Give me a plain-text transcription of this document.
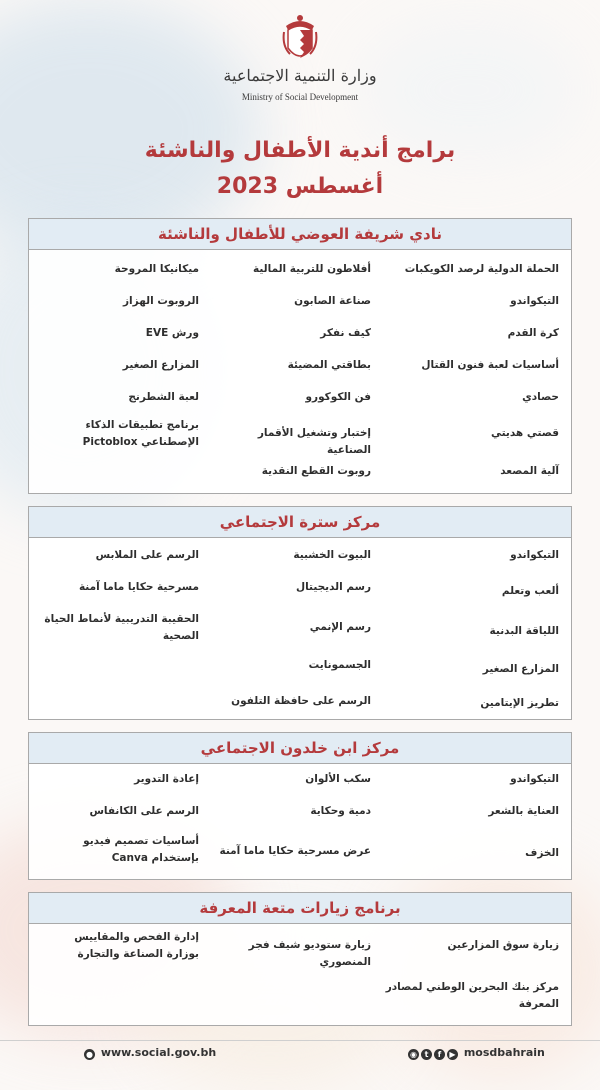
وزارة التنمية الاجتماعية
Ministry of Social Development
برامج أندية الأطفال والناشئة
أغسطس 2023
نادي شريفة العوضي للأطفال والناشئة
الحملة الدولية لرصد الكويكبات
التيكواندو
كرة القدم
أساسيات لعبة فنون القتال
حصادي
قصتي هديتي
آلية المصعد
أفلاطون للتربية المالية
صناعة الصابون
كيف نفكر
بطاقتي المضيئة
فن الكوكورو
إختبار وتشغيل الأقمار الصناعية
روبوت القطع النقدية
ميكانيكا المروحة
الروبوت الهزاز
ورش EVE
المزارع الصغير
لعبة الشطرنج
برنامج تطبيقات الذكاء الإصطناعي Pictoblox
مركز سترة الاجتماعي
التيكواندو
ألعب وتعلم
اللياقة البدنية
المزارع الصغير
تطريز الإيتامين
البيوت الخشبية
رسم الديجيتال
رسم الإنمي
الجسمونايت
الرسم على حافظة التلفون
الرسم على الملابس
مسرحية حكايا ماما آمنة
الحقيبة التدريبية لأنماط الحياة الصحية
مركز ابن خلدون الاجتماعي
التيكواندو
العناية بالشعر
الخزف
سكب الألوان
دمية وحكاية
عرض مسرحية حكايا ماما آمنة
إعادة التدوير
الرسم على الكانفاس
أساسيات تصميم فيديو بإستخدام Canva
برنامج زيارات متعة المعرفة
زيارة سوق المزارعين
مركز بنك البحرين الوطني لمصادر المعرفة
زيارة ستوديو شيف فجر المنصوري
إدارة الفحص والمقاييس بوزارة الصناعة والتجارة
● www.social.gov.bh	◉ t f ▶ mosdbahrain
